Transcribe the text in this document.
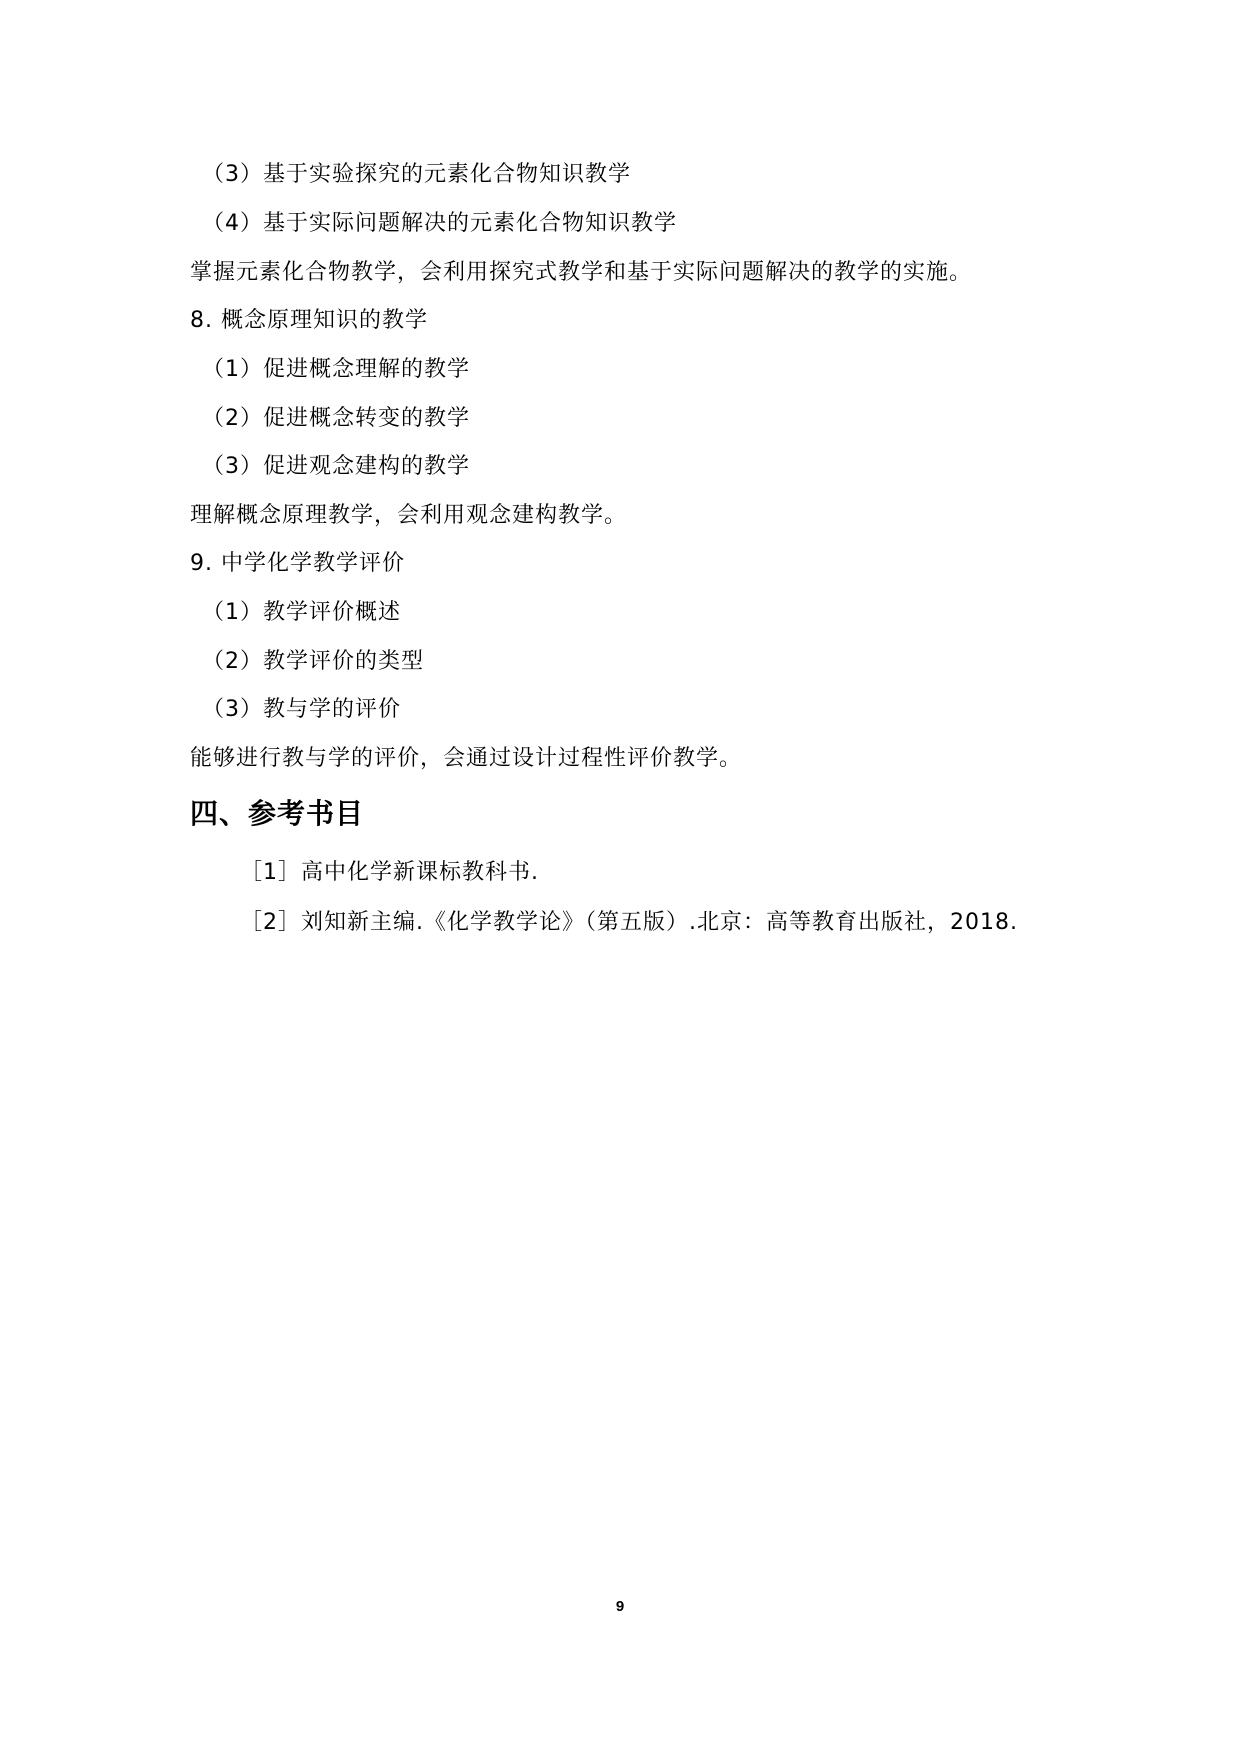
（3）基于实验探究的元素化合物知识教学
（4）基于实际问题解决的元素化合物知识教学
掌握元素化合物教学，会利用探究式教学和基于实际问题解决的教学的实施。
8. 概念原理知识的教学
（1）促进概念理解的教学
（2）促进概念转变的教学
（3）促进观念建构的教学
理解概念原理教学，会利用观念建构教学。
9. 中学化学教学评价
（1）教学评价概述
（2）教学评价的类型
（3）教与学的评价
能够进行教与学的评价，会通过设计过程性评价教学。
四、参考书目
［1］高中化学新课标教科书.
［2］刘知新主编.《化学教学论》（第五版）.北京：高等教育出版社，2018.
9
